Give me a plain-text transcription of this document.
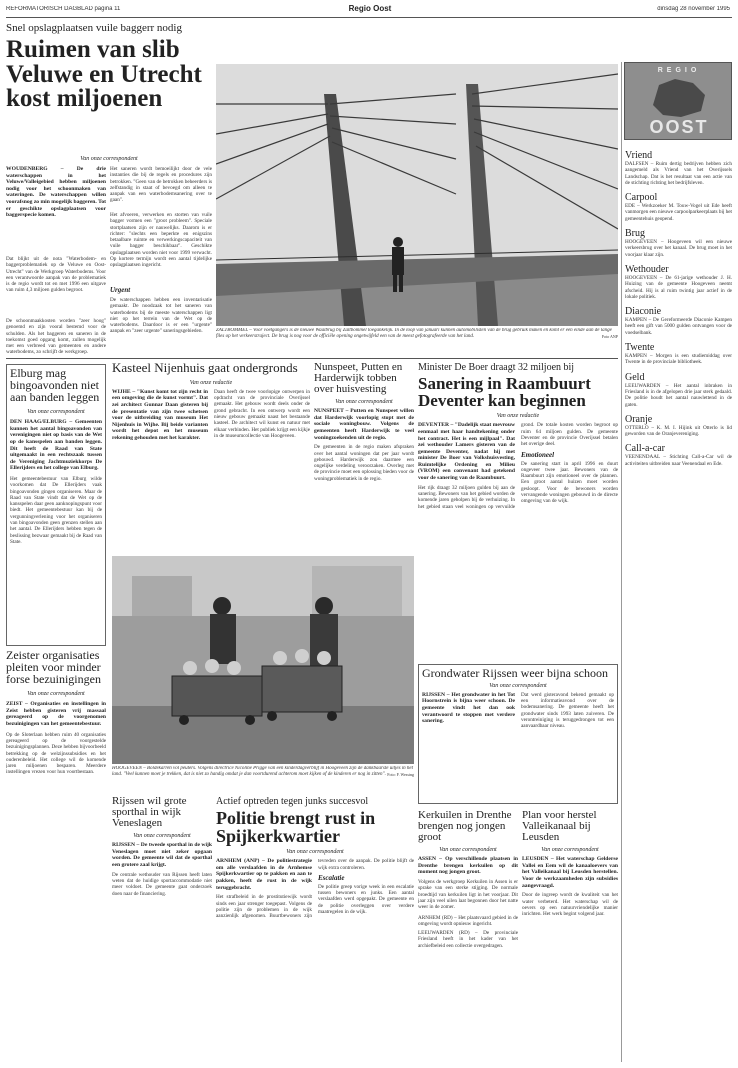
REFORMATORISCH DAGBLAD pagina 11	Regio Oost	dinsdag 28 november 1995
Snel opslagplaatsen vuile baggerr nodig
Ruimen van slib Veluwe en Utrecht kost miljoenen
Van onze correspondent
WOUDENBERG – De drie waterschappen in het Veluwe/Valleigebied hebben miljoenen nodig voor het schoonmaken van wateringen. De waterschappen willen voorafsnog zo min mogelijk baggeren. Tot er geschikte opslagplaatsen voor baggerspecie komen.
Dat blijkt uit de nota "Waterbodem- en baggerproblematiek op de Veluwe en Oost-Utrecht" van de Werkgroep Waterbodems. Voor een verantwoorde aanpak van de problematiek is de regio wordt tot en met 1996 een uitgave van ruim 4,3 miljoen gulden begroot.
De schoonmaakkosten worden "zeer hoog" genoemd en zijn vooral bestemd voor de schulden. Als het baggeren en saneren in de toekomst goed opgang komt, zullen mogelijk met een verbreed van gemeenten en andere waterbodems, zo schrijft de werkgroep.
Het saneren wordt bemoeilijkt door de vele instanties die bij de regels en procedures zijn betrokken. "Geen van de betrokken beheerders is zelfstandig in staat of bevoegd om alleen te aanpak van een waterbodemsanering over te gaan".
Het afvoeren, verwerken en storten van vuile bagger vormen een "groot probleem". Speciale stortplaatsen zijn er nauwelijks. Daarom is er richter: "slechts een beperkte en enigszins betaalbare ruimte en verwerkingscapaciteit van vuile bagger beschikbaar". Geschikte opslagplaatsen worden niet voor 1999 verwacht. Op kortere termijn wordt een aantal tijdelijke opslagplaatsen ingericht.
Urgent
De waterschappen hebben een inventarisatie gemaakt. De noodzaak tot het saneren van waterbodems bij de meeste waterschappen ligt niet op het terrein van de Wet op de waterbodems. Daardoor is er een "urgente" aanpak en "zeer urgente" saneringsgebieden.	ZALTBOMMEL – Voor voetgangers is de nieuwe Waalbrug bij Zaltbommel toegankelijk. In de loop van januari kunnen automobilisten van de brug gebruik maken en komt er een einde aan de lange files op het verkeerstraject. De brug is nog voor de officiële opening ongetwijfeld een van de meest gefotografeerde van het land.	Foto ANP
REGIO
OOST
Vriend
DALFSEN – Ruim dertig bedrijven hebben zich aangemeld als Vriend van het Overijssels Landschap. Dat is het resultaat van een actie van de stichting richting het bedrijfsleven.
Carpool
EDE – Werkzoeker M. Touw-Vogel uit Ede heeft vanmorgen een nieuwe carpoolparkeerplaats bij het gemeentehuis geopend.
Brug
HOOGEVEEN – Hoogeveen wil een nieuwe verkeersbrug over het kanaal. De brug moet in het voorjaar klaar zijn.
Wethouder
HOOGEVEEN – De 61-jarige wethouder J. H. Huizing van de gemeente Hoogeveen neemt afscheid. Hij is al ruim twintig jaar actief in de lokale politiek.
Diaconie
KAMPEN – De Gereformeerde Diaconie Kampen heeft een gift van 5000 gulden ontvangen voor de voedselbank.
Twente
KAMPEN – Morgen is een studiemiddag over Twente in de provinciale bibliotheek.
Geld
LEEUWARDEN – Het aantal inbraken in Friesland is in de afgelopen drie jaar sterk gedaald. De politie houdt het aantal nauwlettend in de gaten.
Oranje
OTTERLO – K. M. I. Hijink uit Otterlo is lid geworden van de Oranjevereniging.
Call-a-car
VEENENDAAL – Stichting Call-a-Car wil de activiteiten uitbreiden naar Veenendaal en Ede.
Elburg mag bingoavonden niet aan banden leggen
Van onze correspondent
DEN HAAG/ELBURG – Gemeenten kunnen het aantal bingoavonden van verenigingen niet op basis van de Wet op de kansspelen aan banden leggen. Dit heeft de Raad van State uitgemaakt in een rechtszaak tussen de Vereniging Jachtmuziekkorps De Ellerijders en het college van Elburg.
Het gemeentebestuur van Elburg wilde voorkomen dat De Ellerijders vaak bingoavonden gingen organiseren. Maar de Raad van State vindt dat de Wet op de kansspelen daar geen aanknopingspunt voor biedt. Het gemeentebestuur kan bij de vergunningverlening voor het organiseren van bingoavonden geen grenzen stellen aan het aantal. De Ellerijders hebben tegen de beslissing bezwaar gemaakt bij de Raad van State.
Zeister organisaties pleiten voor minder forse bezuinigingen
Van onze correspondent
ZEIST – Organisaties en instellingen in Zeist hebben gisteren vrij massaal gereageerd op de voorgenomen bezuinigingen van het gemeentebestuur.
Op de Sloterlaan hebben ruim 40 organisaties gereageerd op de voorgestelde bezuinigingsplannen. Deze hebben bijvoorbeeld betrekking op de welzijnssubsidies en het ouderenbeleid. Het college wil de komende jaren miljoenen besparen. Meerdere instellingen vrezen voor hun voortbestaan.
Kasteel Nijenhuis gaat ondergronds
Van onze redactie
WIJHE – "Kunst komt tot zijn recht in een omgeving die de kunst vormt". Dat zei architect Gunnar Daan gisteren bij de presentatie van zijn twee schetsen voor de uitbreiding van museum Het Nijenhuis in Wijhe. Bij beide varianten wordt het depot en het museum rekening gehouden met het karakter.
Daan heeft de twee voorlopige ontwerpen in opdracht van de provinciale Overijssel gemaakt. Het gebouw wordt deels onder de grond gebracht. In een ontwerp wordt een nieuw gebouw gemaakt naast het bestaande kasteel. De architect wil kunst en natuur met elkaar verbinden. Het publiek krijgt een kijkje in de museumcollectie van Hoogeveen.
Nunspeet, Putten en Harderwijk tobben over huisvesting
Van onze correspondent
NUNSPEET – Putten en Nunspeet willen dat Harderwijk voorlopig stopt met de sociale woningbouw. Volgens de gemeenten heeft Harderwijk te veel woningzoekenden uit de regio.
De gemeenten in de regio maken afspraken over het aantal woningen dat per jaar wordt gebouwd. Harderwijk zou daarmee een ongelijke verdeling veroorzaken. Overleg met de provincie moet een oplossing bieden voor de woningproblematiek in de regio.
Minister De Boer draagt 32 miljoen bij
Sanering in Raambuurt Deventer kan beginnen
Van onze redactie
DEVENTER – "Dadelijk staat mevrouw eenmaal met haar handtekening onder het contract. Het is een mijlpaal". Dat zei wethouder Lamers gisteren van de gemeente Deventer, nadat hij met minister De Boer van Volkshuisvesting, Ruimtelijke Ordening en Milieu (VROM) een convenant had getekend voor de sanering van de Raambuurt.
Het rijk draagt 32 miljoen gulden bij aan de sanering. Bewoners van het gebied worden de komende jaren geholpen bij de verhuizing. In het gebied staan veel woningen op vervuilde grond. De totale kosten worden begroot op ruim 64 miljoen gulden. De gemeente Deventer en de provincie Overijssel betalen het overige deel.
Emotioneel
De sanering start in april 1996 en duurt ongeveer twee jaar. Bewoners van de Raambuurt zijn emotioneel over de plannen. Een groot aantal huizen moet worden gesloopt. Voor de bewoners worden vervangende woningen gebouwd in de directe omgeving van de wijk.
HOOGEVEEN – Boldekarren vol peuters. Volgens directrice Nicoline Prigge van een kinderdagverblijf in Hoogeveen zijn de dankbaarste uitjes in het land. "Veel kunnen moet je trekken, dat is niet zo handig omdat je dan voortdurend achterom moet kijken of de kinderen er nog in zitten". Foto: F. Wessing
Grondwater Rijssen weer bijna schoon
Van onze correspondent
RIJSSEN – Het grondwater in het Tot Hoornstrein is bijna weer schoon. De gemeente vindt het dan ook verantwoord te stoppen met verdere sanering.
Dat werd gisteravond bekend gemaakt op een informatieavond over de bodemsanering. De gemeente heeft het grondwater sinds 1993 laten zuiveren. De verontreiniging is teruggedrongen tot een aanvaardbaar niveau.
Rijssen wil grote sporthal in wijk Veneslagen
Van onze correspondent
RIJSSEN – De tweede sporthal in de wijk Veneslagen moet niet zeker opgaan worden. De gemeente wil dat de sporthal een grotere zaal krijgt.
De centrale wethouder van Rijssen heeft laten weten dat de huidige sportaccommodatie niet meer voldoet. De gemeente gaat onderzoek doen naar de financiering.
Actief optreden tegen junks succesvol
Politie brengt rust in Spijkerkwartier
Van onze correspondent
ARNHEM (ANP) – De politiestrategie om alle verslaafden in de Arnhemse Spijkerkwartier op te pakken en aan te pakken, heeft de rust in de wijk teruggebracht.
Het strafbeleid in de prostitutiewijk wordt sinds een jaar strenger toegepast. Volgens de politie zijn de problemen in de wijk aanzienlijk afgenomen. Buurtbewoners zijn tevreden over de aanpak. De politie blijft de wijk extra controleren.
Escalatie
De politie greep vorige week in een escalatie tussen bewoners en junks. Een aantal verslaafden werd opgepakt. De gemeente en de politie overleggen over verdere maatregelen in de wijk.
Kerkuilen in Drenthe brengen nog jongen groot
Van onze correspondent
ASSEN – Op verschillende plaatsen in Drenthe brengen kerkuilen op dit moment nog jongen groot.
Volgens de werkgroep Kerkuilen in Assen is er sprake van een sterke stijging. De normale broedtijd van kerkuilen ligt in het voorjaar. Dit jaar zijn veel uilen laat begonnen door het natte weer in de zomer.
ARNHEM (RD) – Het plaatsvaard gebied in de omgeving wordt opnieuw ingericht.
LEEUWARDEN (RD) – De provinciale Friesland heeft in het kader van het archiefbeleid een collectie overgedragen.
Plan voor herstel Valleikanaal bij Leusden
Van onze correspondent
LEUSDEN – Het waterschap Gelderse Vallei en Eem wil de kanaaloevers van het Valleikanaal bij Leusden herstellen. Voor de werkzaamheden zijn subsidies aangevraagd.
Door de ingreep wordt de kwaliteit van het water verbeterd. Het waterschap wil de oevers op een natuurvriendelijke manier inrichten. Het werk begint volgend jaar.
